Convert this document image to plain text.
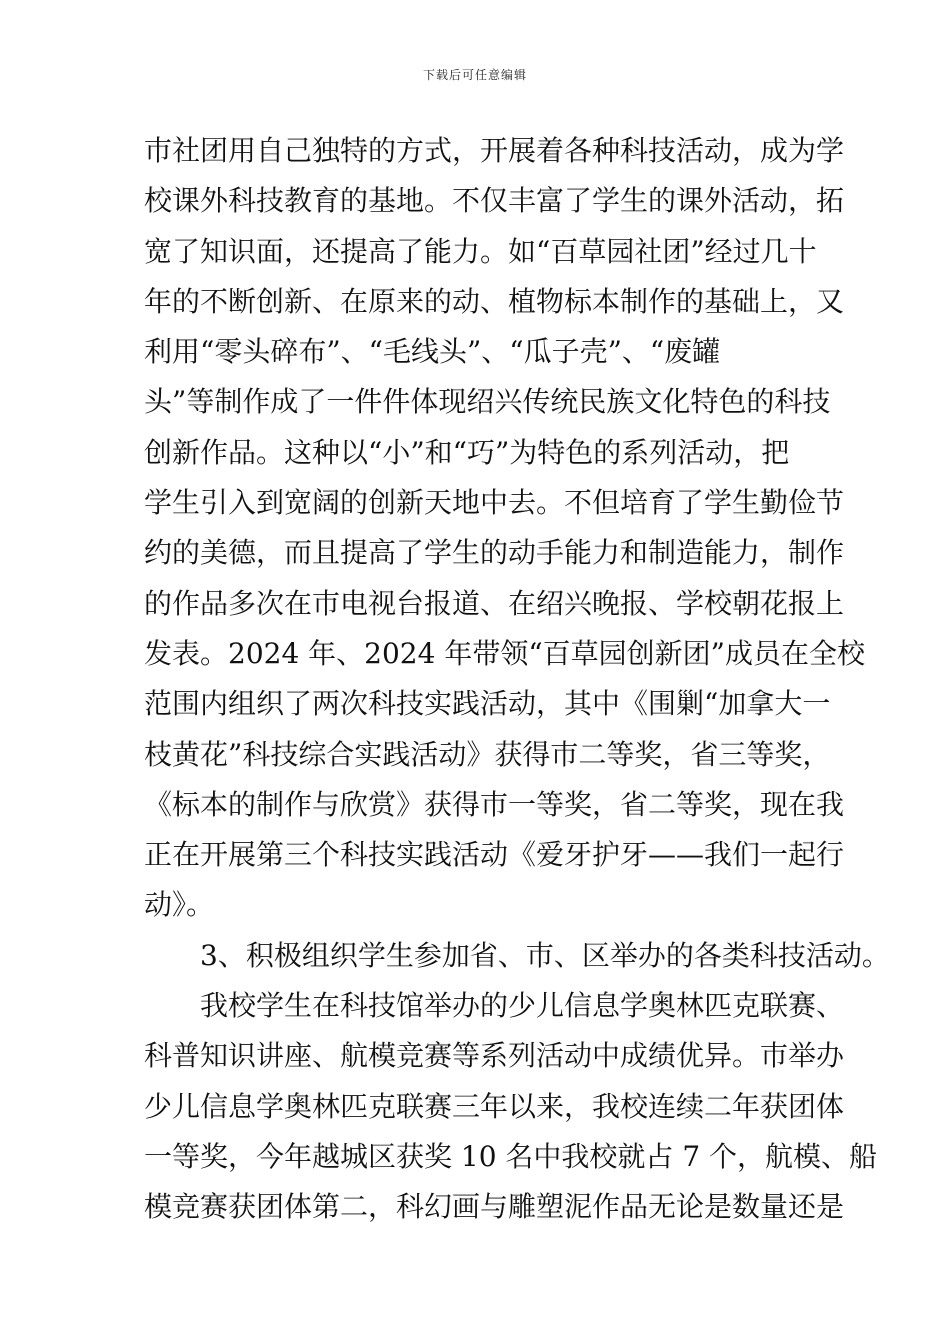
下载后可任意编辑
巿社团用自己独特的方式，开展着各种科技活动，成为学
校课外科技教育的基地。不仅丰富了学生的课外活动，拓
宽了知识面，还提高了能力。如“百草园社团”经过几十
年的不断创新、在原来的动、植物标本制作的基础上，又
利用“零头碎布”、“毛线头”、“瓜子壳”、“废罐
头”等制作成了一件件体现绍兴传统民族文化特色的科技
创新作品。这种以“小”和“巧”为特色的系列活动，把
学生引入到宽阔的创新天地中去。不但培育了学生勤俭节
约的美德，而且提高了学生的动手能力和制造能力，制作
的作品多次在巿电视台报道、在绍兴晚报、学校朝花报上
发表。2024 年、2024 年带领“百草园创新团”成员在全校
范围内组织了两次科技实践活动，其中《围剿“加拿大一
枝黄花”科技综合实践活动》获得巿二等奖，省三等奖，
《标本的制作与欣赏》获得巿一等奖，省二等奖，现在我
正在开展第三个科技实践活动《爱牙护牙——我们一起行
动》。
3、积极组织学生参加省、巿、区举办的各类科技活动。
我校学生在科技馆举办的少儿信息学奥林匹克联赛、
科普知识讲座、航模竞赛等系列活动中成绩优异。巿举办
少儿信息学奥林匹克联赛三年以来，我校连续二年获团体
一等奖，今年越城区获奖 10 名中我校就占 7 个，航模、船
模竞赛获团体第二，科幻画与雕塑泥作品无论是数量还是
